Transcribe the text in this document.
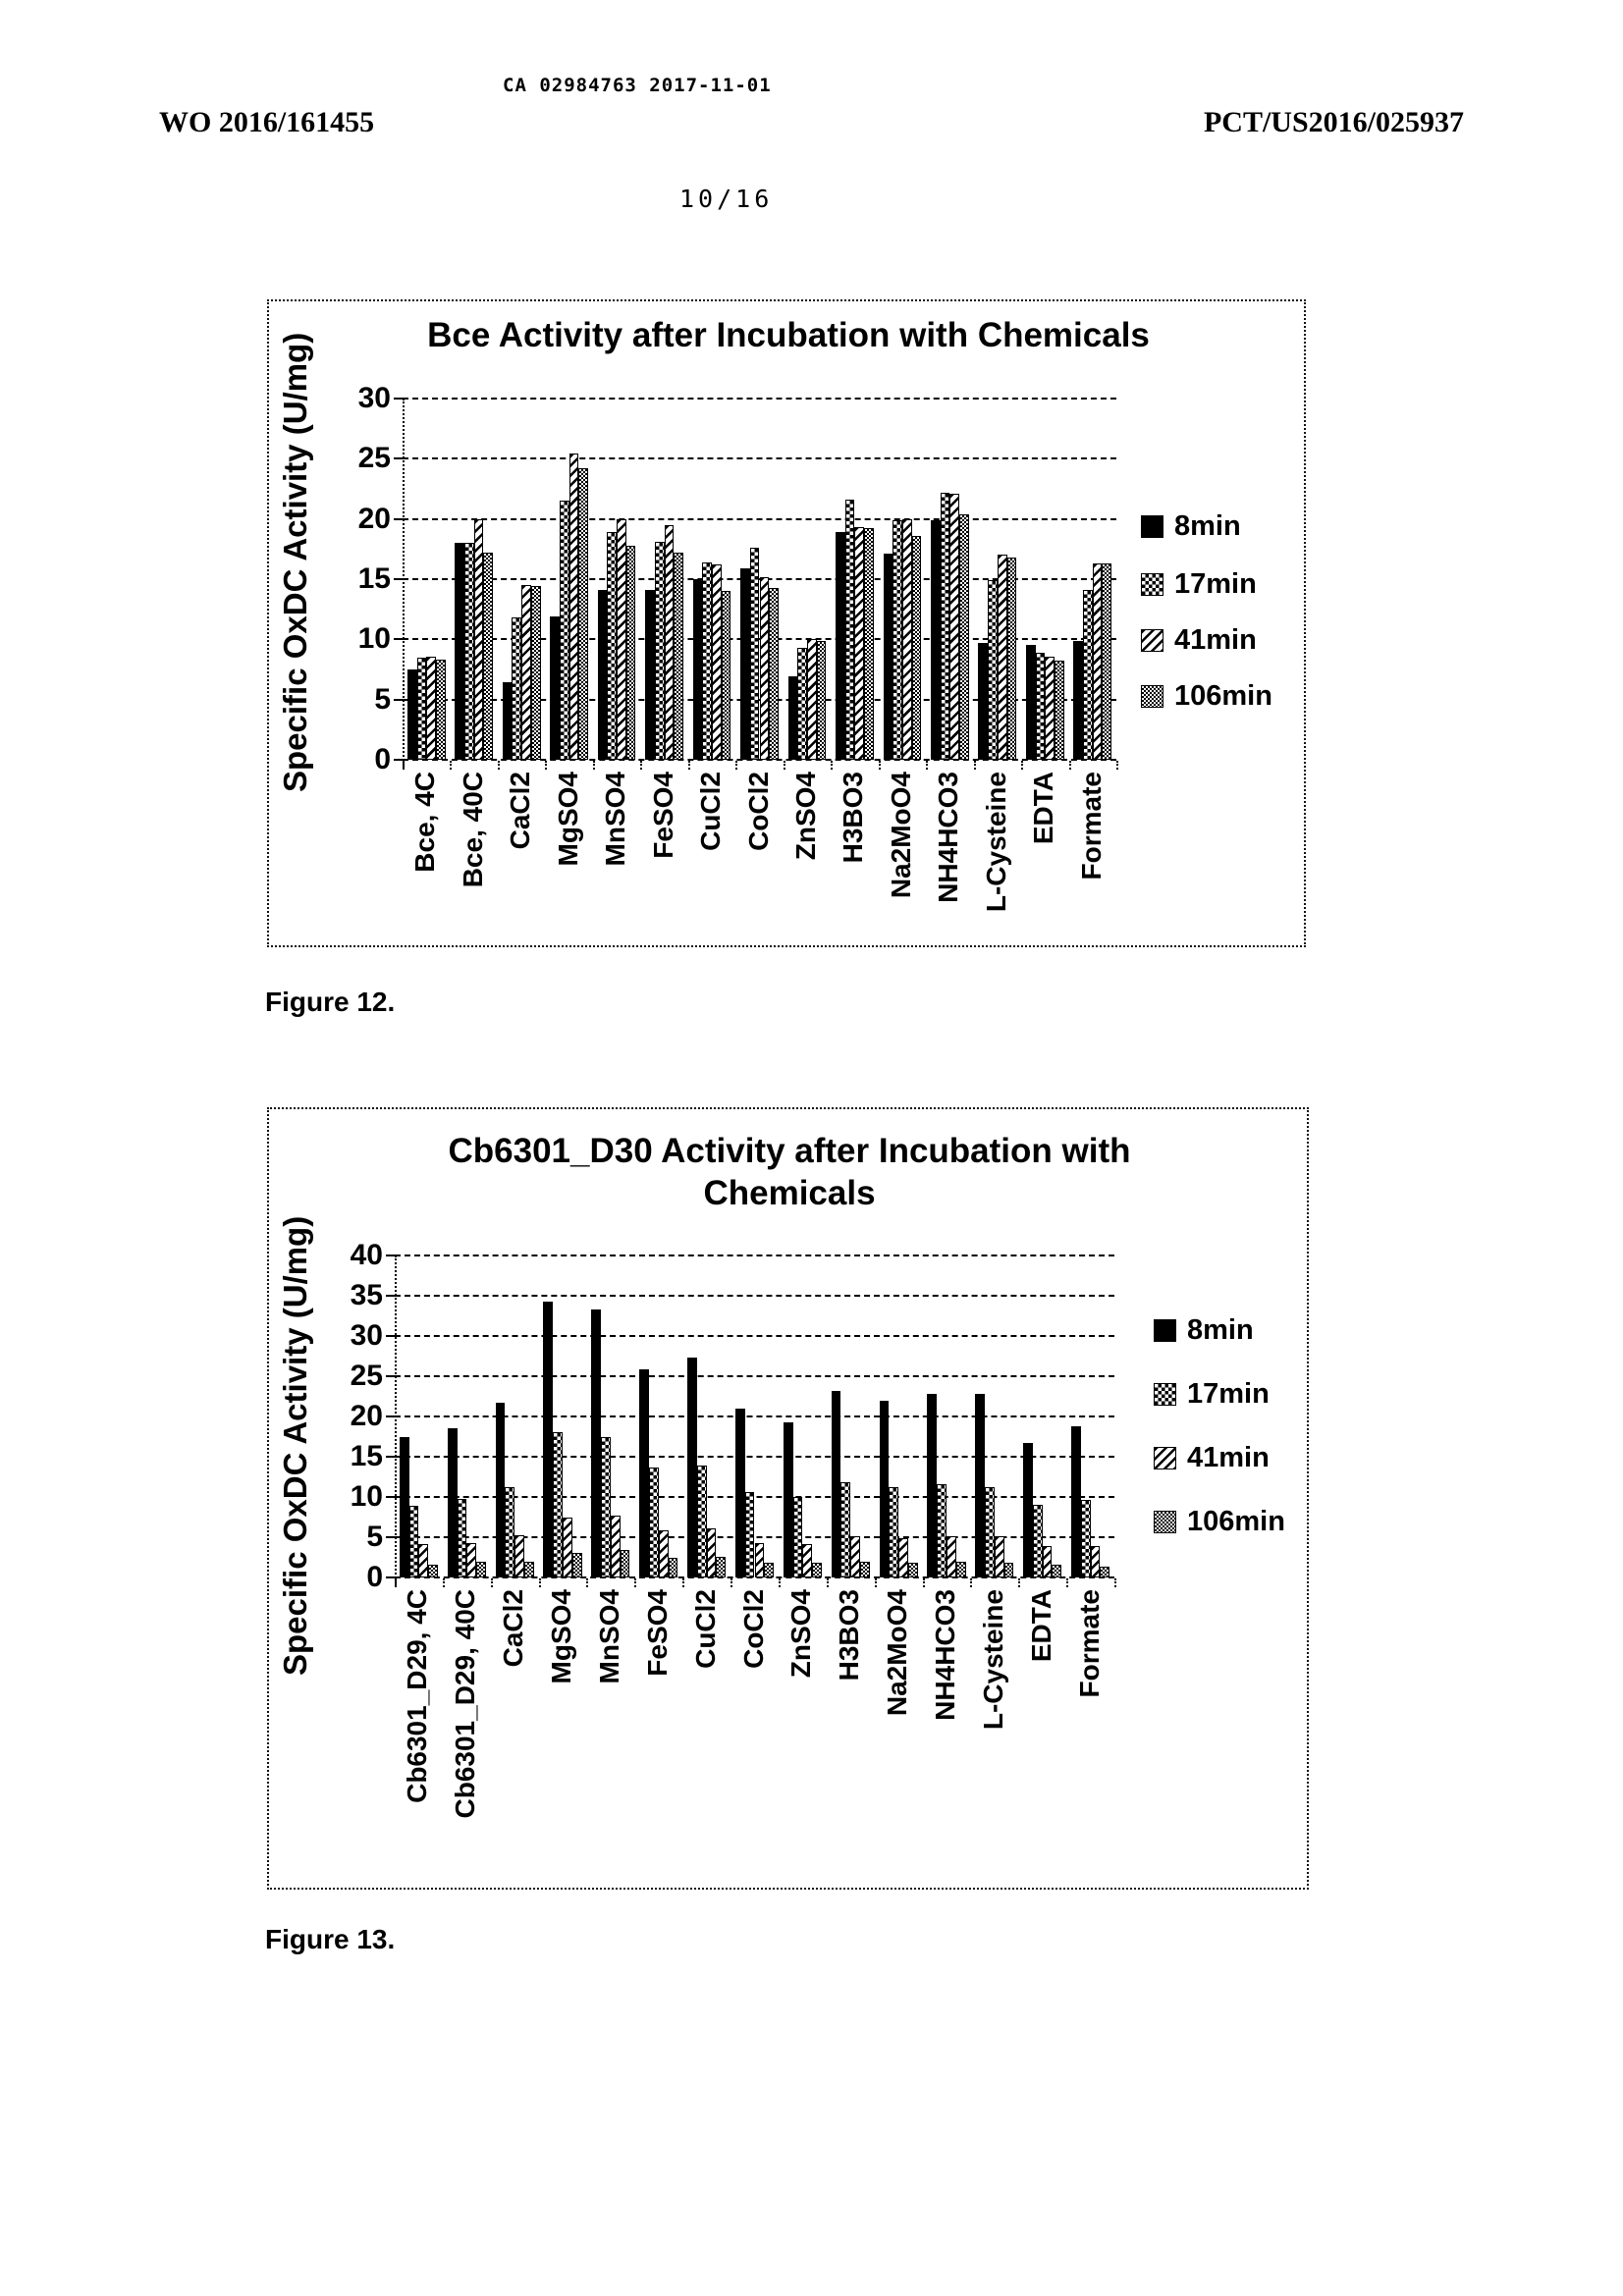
CA 02984763 2017-11-01
WO 2016/161455	PCT/US2016/025937
10/16
Bce Activity after Incubation with Chemicals
Specific OxDC Activity (U/mg)	0
5
10
15
20
25
30
Bce, 4C Bce, 40C CaCl2 MgSO4 MnSO4 FeSO4 CuCl2 CoCl2 ZnSO4 H3BO3 Na2MoO4 NH4HCO3 L-Cysteine EDTA Formate
8min
17min
41min
106min
Figure 12.
Cb6301_D30 Activity after Incubation with Chemicals
Specific OxDC Activity (U/mg)	0
5
10
15
20
25
30
35
40
Cb6301_D29, 4C Cb6301_D29, 40C CaCl2 MgSO4 MnSO4 FeSO4 CuCl2 CoCl2 ZnSO4 H3BO3 Na2MoO4 NH4HCO3 L-Cysteine EDTA Formate
8min
17min
41min
106min
Figure 13.
